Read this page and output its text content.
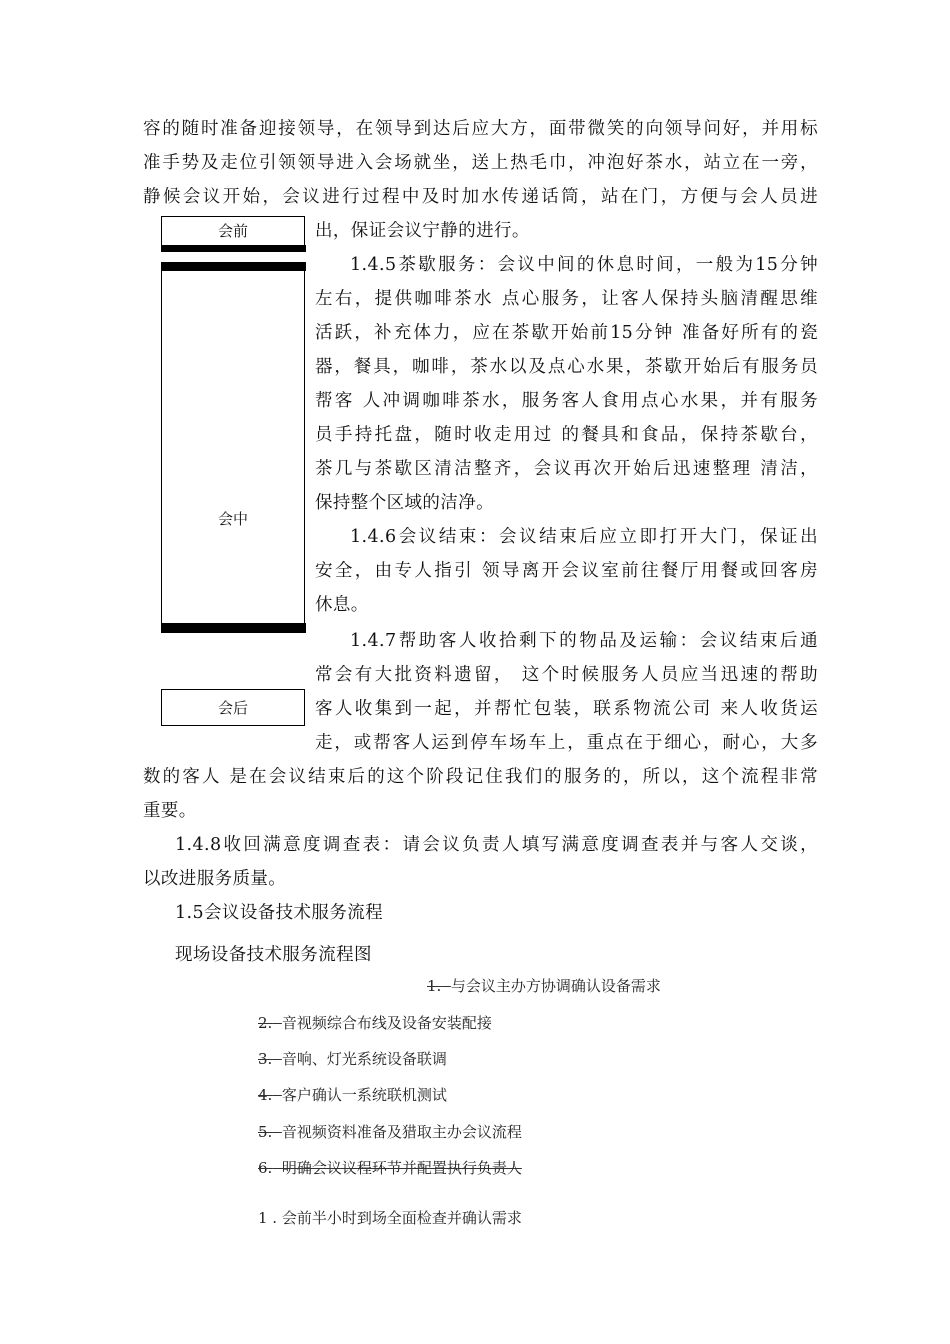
容的随时准备迎接领导，在领导到达后应大方，面带微笑的向领导问好，并用标
准手势及走位引领领导进入会场就坐，送上热毛巾，冲泡好茶水，站立在一旁，
静候会议开始，会议进行过程中及时加水传递话筒，站在门，方便与会人员进
出，保证会议宁静的进行。
会前
会中
会后
1.4.5茶歇服务：会议中间的休息时间，一般为15分钟
左右，提供咖啡茶水 点心服务，让客人保持头脑清醒思维
活跃，补充体力，应在茶歇开始前15分钟 准备好所有的瓷
器，餐具，咖啡，茶水以及点心水果，茶歇开始后有服务员
帮客 人冲调咖啡茶水，服务客人食用点心水果，并有服务
员手持托盘，随时收走用过 的餐具和食品，保持茶歇台，
茶几与茶歇区清洁整齐，会议再次开始后迅速整理 清洁，
保持整个区域的洁净。
1.4.6会议结束：会议结束后应立即打开大门，保证出
安全，由专人指引 领导离开会议室前往餐厅用餐或回客房
休息。
1.4.7帮助客人收拾剩下的物品及运输：会议结束后通
常会有大批资料遗留， 这个时候服务人员应当迅速的帮助
客人收集到一起，并帮忙包装，联系物流公司 来人收货运
走，或帮客人运到停车场车上，重点在于细心，耐心，大多
数的客人 是在会议结束后的这个阶段记住我们的服务的，所以，这个流程非常
重要。
1.4.8收回满意度调查表：请会议负责人填写满意度调查表并与客人交谈，
以改进服务质量。
1.5会议设备技术服务流程
现场设备技术服务流程图
1. 与会议主办方协调确认设备需求
2. 音视频综合布线及设备安装配接
3. 音响、灯光系统设备联调
4. 客户确认一系统联机测试
5. 音视频资料准备及猎取主办会议流程
6. 明确会议议程环节并配置执行负责人
1 . 会前半小时到场全面检查并确认需求
